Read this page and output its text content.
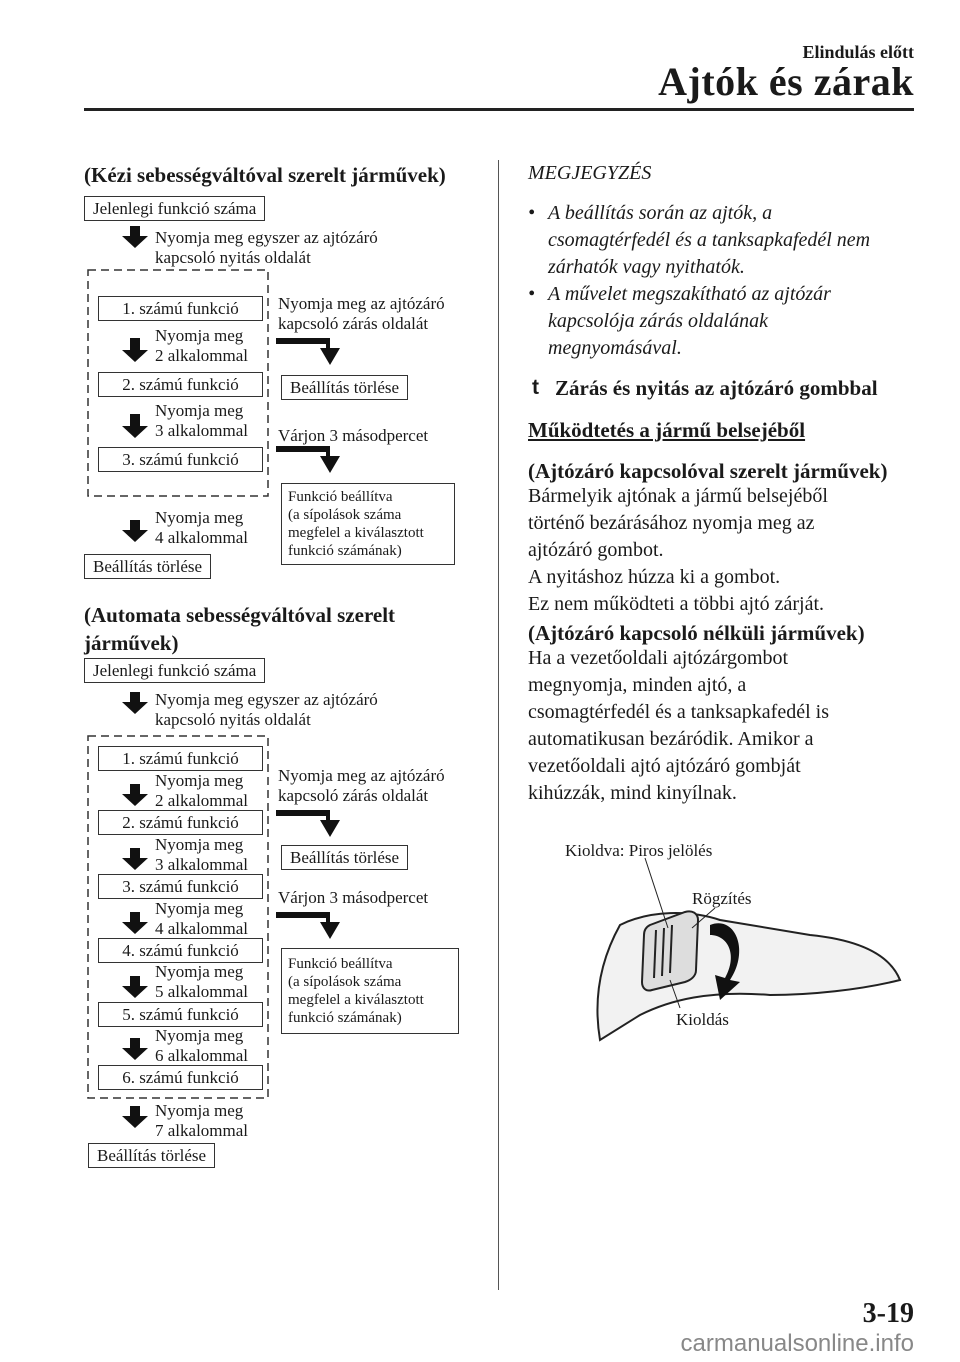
Elindulás előtt
Ajtók és zárak
(Kézi sebességváltóval szerelt járművek)
Jelenlegi funkció száma
Nyomja meg egyszer az ajtózáró
kapcsoló nyitás oldalát
1. számú funkció
Nyomja meg
2 alkalommal
2. számú funkció
Nyomja meg
3 alkalommal
3. számú funkció
Nyomja meg
4 alkalommal
Beállítás törlése
Nyomja meg az ajtózáró
kapcsoló zárás oldalát
Beállítás törlése
Várjon 3 másodpercet
Funkció beállítva
(a sípolások száma
megfelel a kiválasztott
funkció számának)
(Automata sebességváltóval szerelt
járművek)
Jelenlegi funkció száma
Nyomja meg egyszer az ajtózáró
kapcsoló nyitás oldalát
1. számú funkció
Nyomja meg
2 alkalommal
2. számú funkció
Nyomja meg
3 alkalommal
3. számú funkció
Nyomja meg
4 alkalommal
4. számú funkció
Nyomja meg
5 alkalommal
5. számú funkció
Nyomja meg
6 alkalommal
6. számú funkció
Nyomja meg
7 alkalommal
Beállítás törlése
Nyomja meg az ajtózáró
kapcsoló zárás oldalát
Beállítás törlése
Várjon 3 másodpercet
Funkció beállítva
(a sípolások száma
megfelel a kiválasztott
funkció számának)
MEGJEGYZÉS
• A beállítás során az ajtók, a
csomagtérfedél és a tanksapkafedél nem
zárhatók vagy nyithatók.
• A művelet megszakítható az ajtózár
kapcsolója zárás oldalának
megnyomásával.
t Zárás és nyitás az ajtózáró gombbal
Működtetés a jármű belsejéből
(Ajtózáró kapcsolóval szerelt járművek)
Bármelyik ajtónak a jármű belsejéből
történő bezárásához nyomja meg az
ajtózáró gombot.
A nyitáshoz húzza ki a gombot.
Ez nem működteti a többi ajtó zárját.
(Ajtózáró kapcsoló nélküli járművek)
Ha a vezetőoldali ajtózárgombot
megnyomja, minden ajtó, a
csomagtérfedél és a tanksapkafedél is
automatikusan bezáródik. Amikor a
vezetőoldali ajtó ajtózáró gombját
kihúzzák, mind kinyílnak.
Kioldva: Piros jelölés
Rögzítés
Kioldás
3-19
carmanualsonline.info
